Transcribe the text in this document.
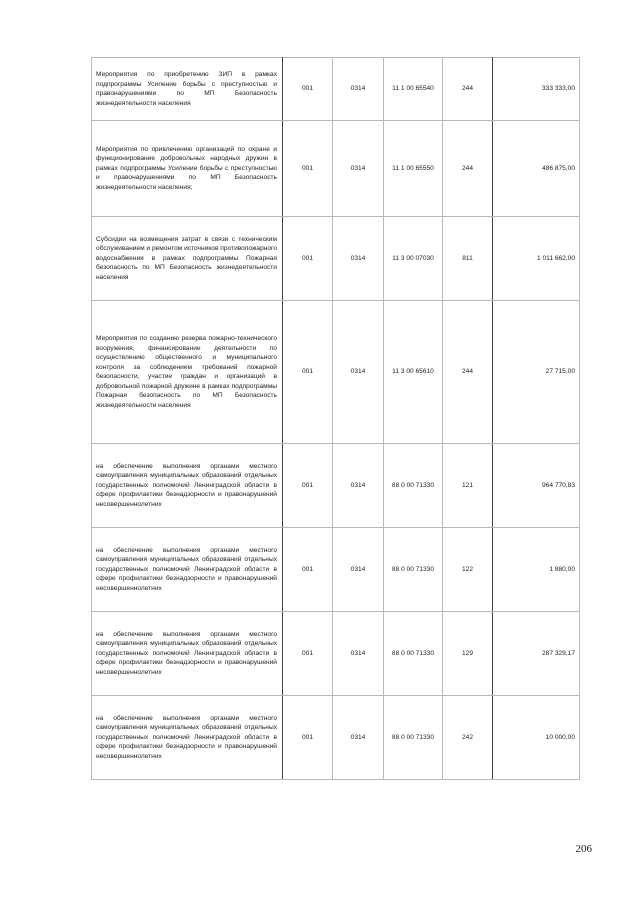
Мероприятия по приобретению ЗИП в рамках подпрограммы Усиление борьбы с преступностью и правонарушениями по МП Безопасность жизнедеятельности населения	001	0314	11 1 00 65540	244	333 333,00
Мероприятия по привлечению организаций по охране и функционирование добровольных народных дружин в рамках подпрограммы Усиление борьбы с преступностью и правонарушениями по МП Безопасность жизнедеятельности населения;	001	0314	11 1 00 65550	244	486 875,00
Субсидии на возмещения затрат в связи с техническим обслуживанием и ремонтом источников противопожарного водоснабжения в рамках подпрограммы Пожарная безопасность по МП Безопасность жизнедеятельности населения	001	0314	11 3 00 07030	811	1 011 662,00
Мероприятия по созданию резерва пожарно-технического вооружения, финансирование деятельности по осуществлению общественного и муниципального контроля за соблюдением требований пожарной безопасности, участие граждан и организаций в добровольной пожарной дружине в рамках подпрограммы Пожарная безопасность по МП Безопасность жизнедеятельности населения	001	0314	11 3 00 65610	244	27 715,00
на обеспечение выполнения органами местного самоуправления муниципальных образований отдельных государственных полномочий Ленинградской области в сфере профилактики безнадзорности и правонарушений несовершеннолетних	001	0314	88 0 00 71330	121	964 770,83
на обеспечение выполнения органами местного самоуправления муниципальных образований отдельных государственных полномочий Ленинградской области в сфере профилактики безнадзорности и правонарушений несовершеннолетних	001	0314	88 0 00 71330	122	1 880,00
на обеспечение выполнения органами местного самоуправления муниципальных образований отдельных государственных полномочий Ленинградской области в сфере профилактики безнадзорности и правонарушений несовершеннолетних	001	0314	88 0 00 71330	129	287 329,17
на обеспечение выполнения органами местного самоуправления муниципальных образований отдельных государственных полномочий Ленинградской области в сфере профилактики безнадзорности и правонарушений несовершеннолетних	001	0314	88 0 00 71330	242	10 000,00
206
